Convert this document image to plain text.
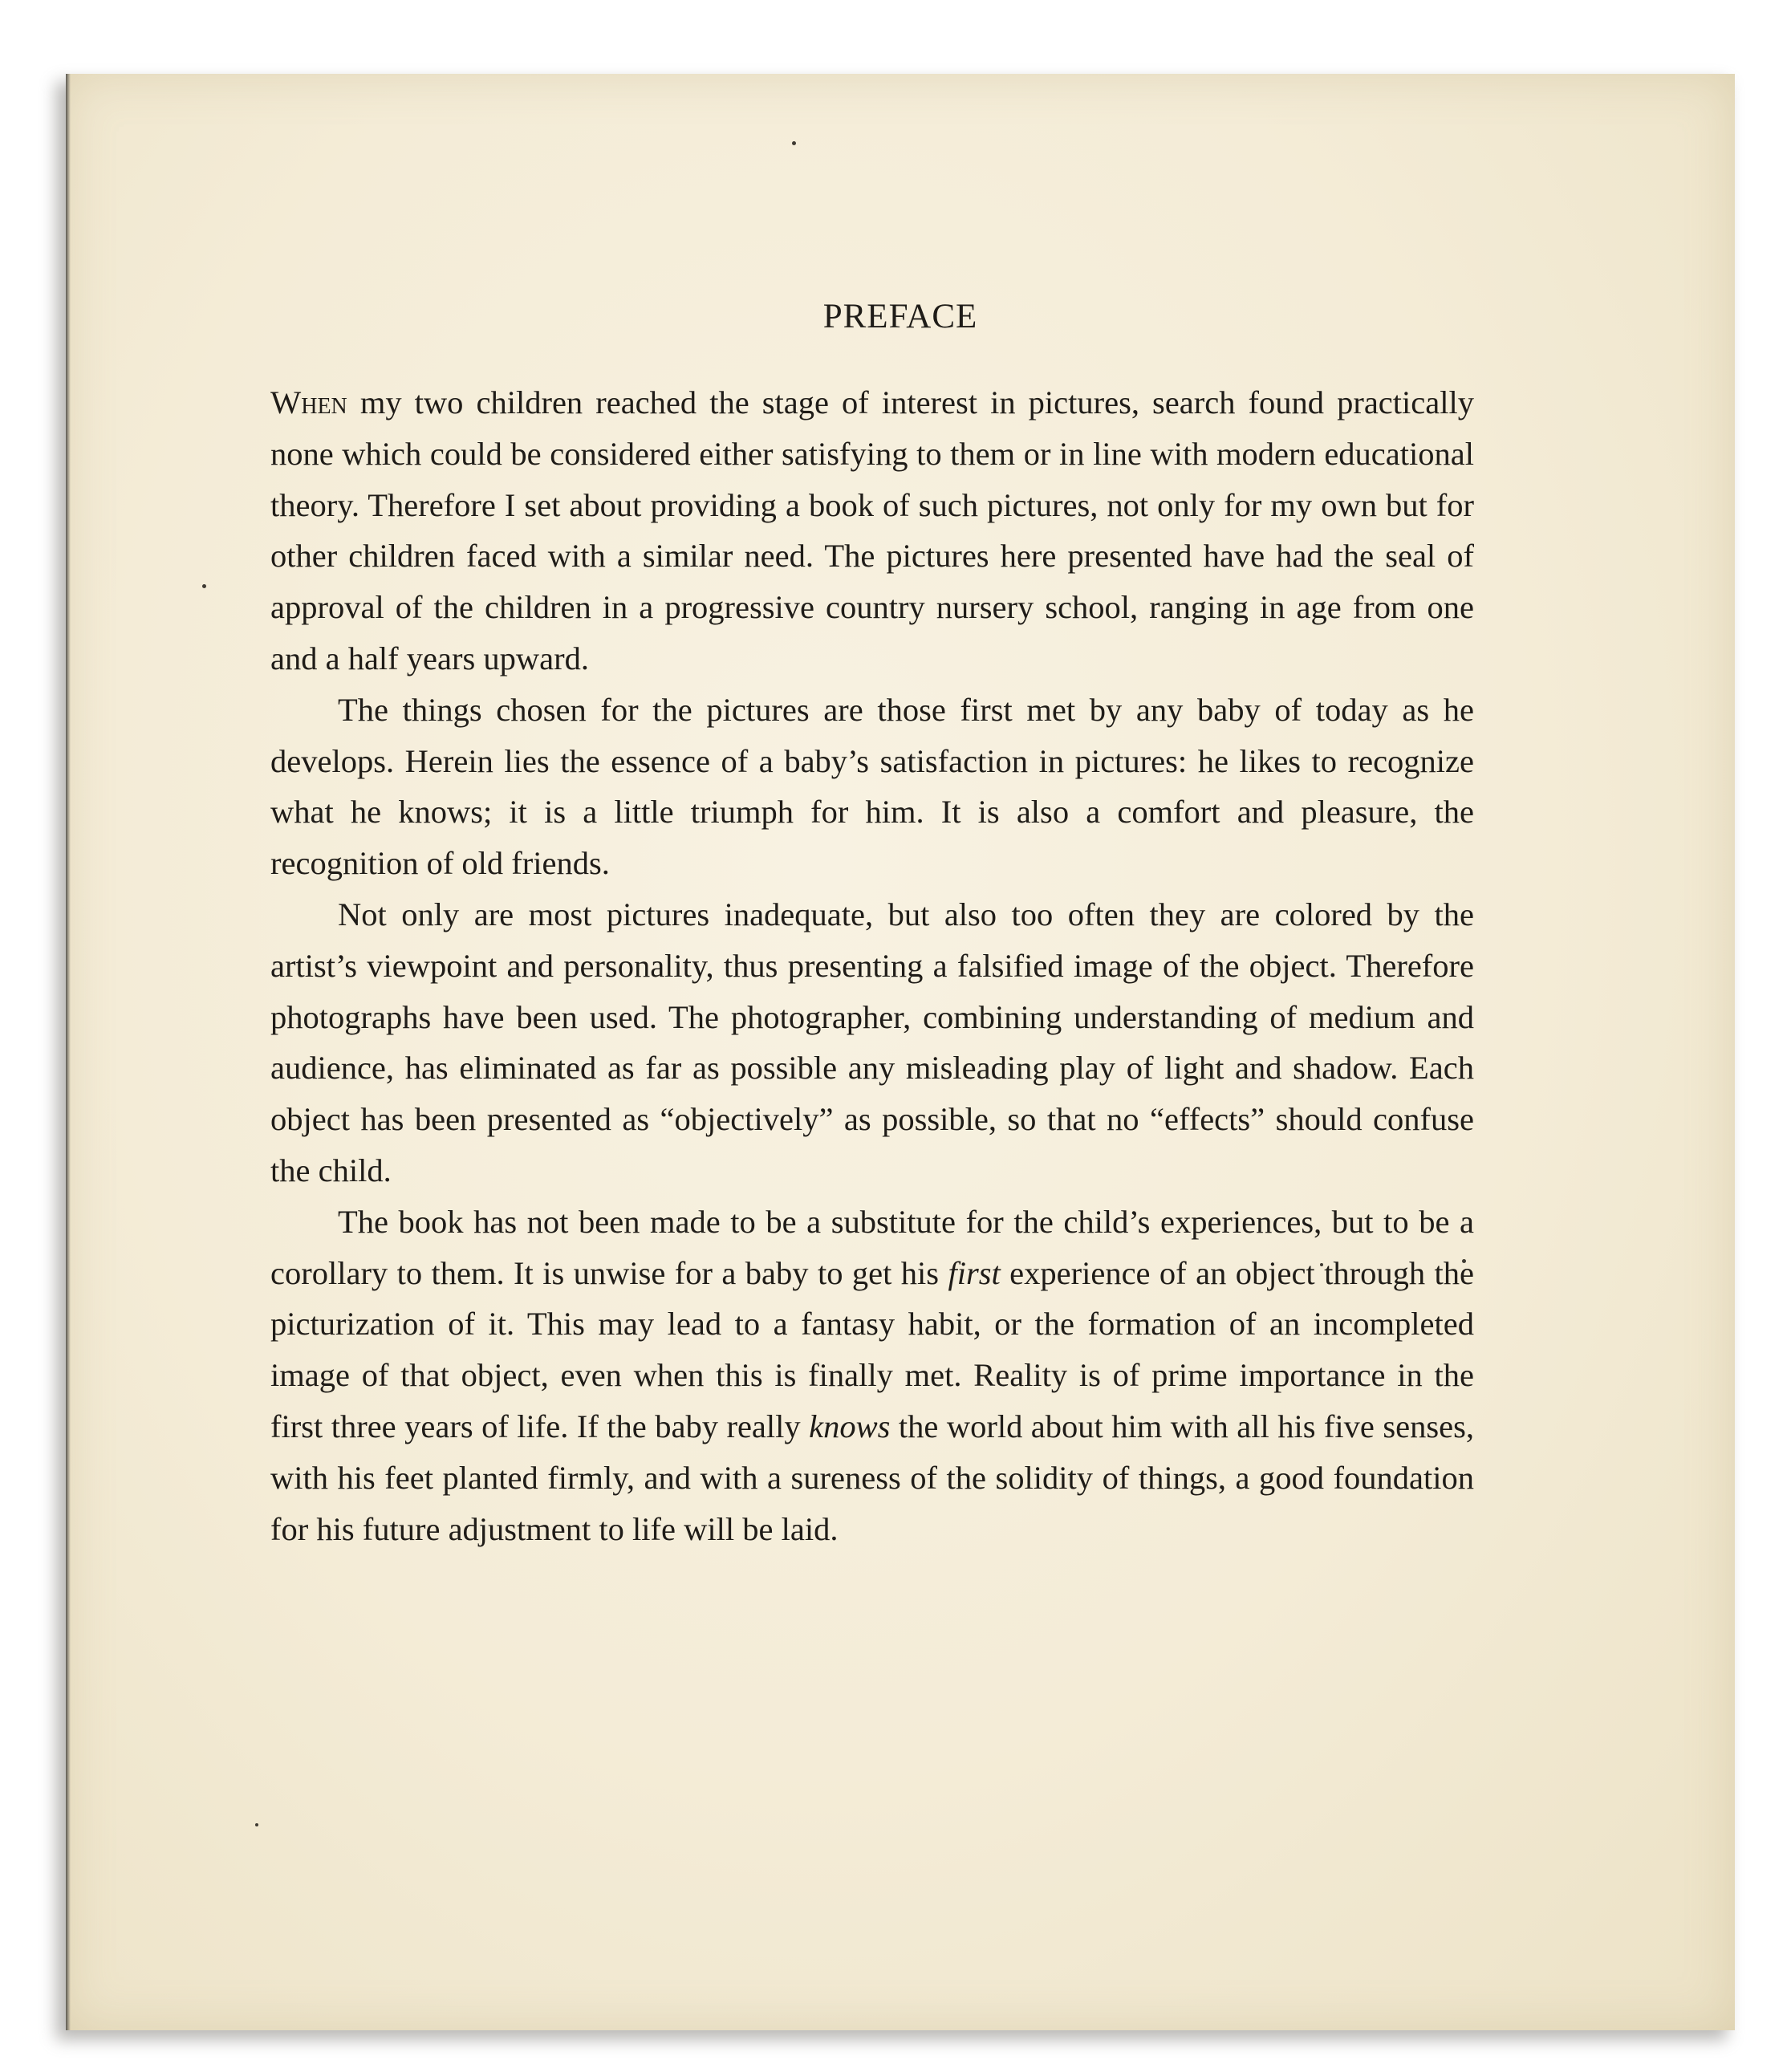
PREFACE

When my two children reached the stage of interest in pictures, search found practically none which could be considered either satisfying to them or in line with modern educational theory. Therefore I set about providing a book of such pictures, not only for my own but for other children faced with a similar need. The pictures here presented have had the seal of approval of the children in a progressive country nursery school, ranging in age from one and a half years upward.

The things chosen for the pictures are those first met by any baby of today as he develops. Herein lies the essence of a baby’s satisfaction in pictures: he likes to recognize what he knows; it is a little triumph for him. It is also a comfort and pleasure, the recognition of old friends.

Not only are most pictures inadequate, but also too often they are colored by the artist’s viewpoint and personality, thus presenting a falsified image of the object. Therefore photographs have been used. The photographer, combining understanding of medium and audience, has eliminated as far as possible any misleading play of light and shadow. Each object has been presented as “objectively” as possible, so that no “effects” should confuse the child.

The book has not been made to be a substitute for the child’s experiences, but to be a corollary to them. It is unwise for a baby to get his first experience of an object through the picturization of it. This may lead to a fantasy habit, or the formation of an incompleted image of that object, even when this is finally met. Reality is of prime importance in the first three years of life. If the baby really knows the world about him with all his five senses, with his feet planted firmly, and with a sureness of the solidity of things, a good foundation for his future adjustment to life will be laid.
